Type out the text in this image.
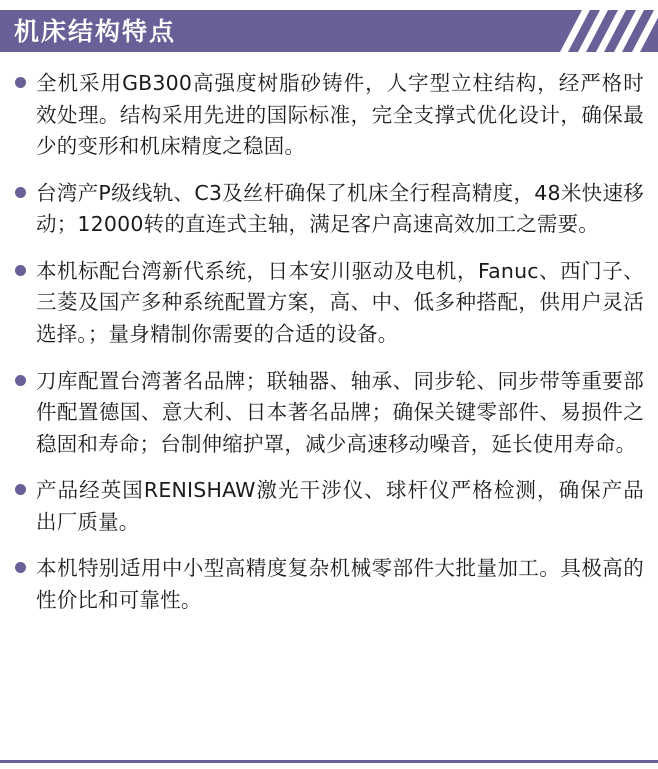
机床结构特点
全机采用GB300高强度树脂砂铸件，人字型立柱结构，经严格时效处理。结构采用先进的国际标准，完全支撑式优化设计，确保最少的变形和机床精度之稳固。
台湾产P级线轨、C3及丝杆确保了机床全行程高精度，48米快速移动；12000转的直连式主轴，满足客户高速高效加工之需要。
本机标配台湾新代系统，日本安川驱动及电机，Fanuc、西门子、三菱及国产多种系统配置方案，高、中、低多种搭配，供用户灵活选择。；量身精制你需要的合适的设备。
刀库配置台湾著名品牌；联轴器、轴承、同步轮、同步带等重要部件配置德国、意大利、日本著名品牌；确保关键零部件、易损件之稳固和寿命；台制伸缩护罩，减少高速移动噪音，延长使用寿命。
产品经英国RENISHAW激光干涉仪、球杆仪严格检测，确保产品出厂质量。
本机特别适用中小型高精度复杂机械零部件大批量加工。具极高的性价比和可靠性。
